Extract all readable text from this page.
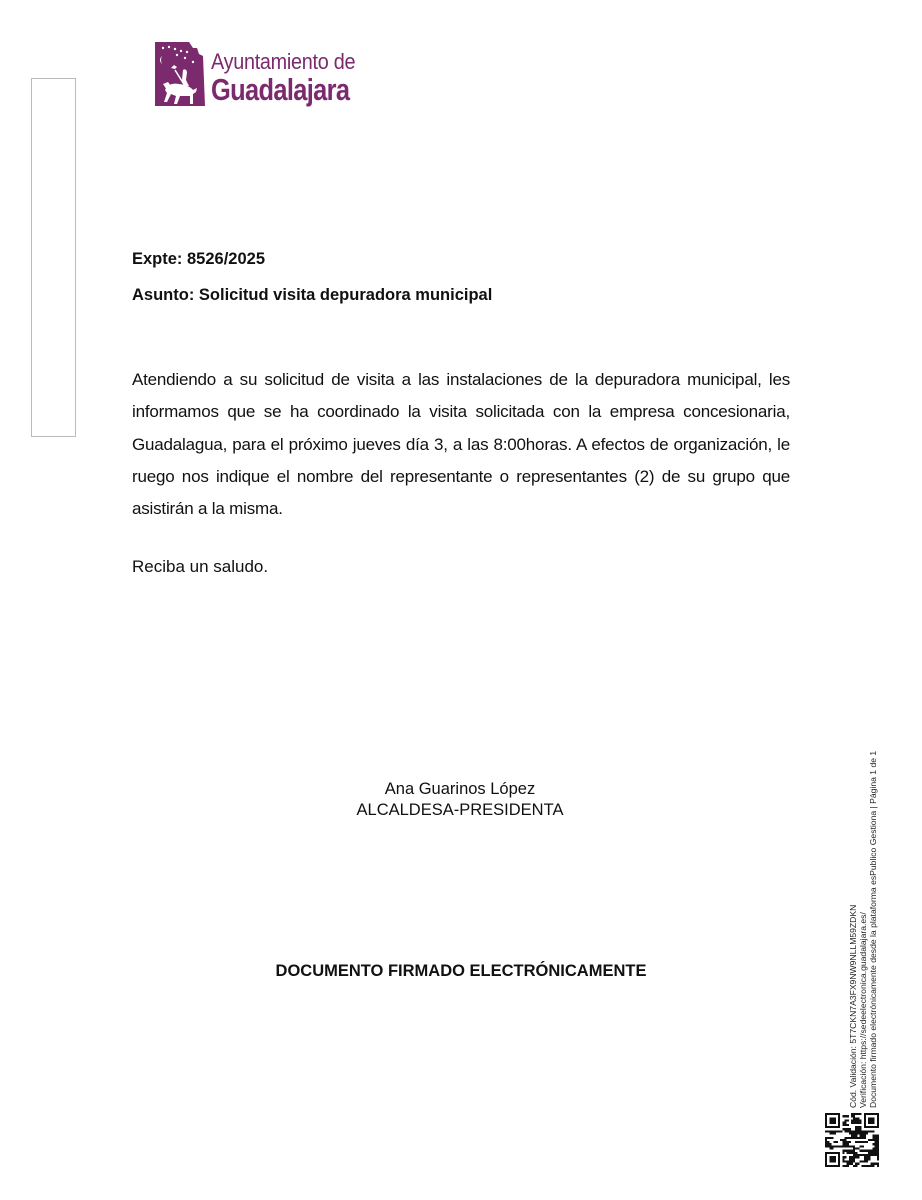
Ayuntamiento de
Guadalajara
Expte: 8526/2025
Asunto: Solicitud visita depuradora municipal

Atendiendo a su solicitud de visita a las instalaciones de la depuradora municipal, les informamos que se ha coordinado la visita solicitada con la empresa concesionaria, Guadalagua, para el próximo jueves día 3, a las 8:00horas. A efectos de organización, le ruego nos indique el nombre del representante o representantes (2) de su grupo que asistirán a la misma.

Reciba un saludo.
Ana Guarinos López
ALCALDESA-PRESIDENTA
DOCUMENTO FIRMADO ELECTRÓNICAMENTE	Cód. Validación: 5T7CKN7A3FX9NW9NLLM59ZDKN Verificación: https://sedeelectronica.guadalajara.es/ Documento firmado electrónicamente desde la plataforma esPublico Gestiona | Página 1 de 1
